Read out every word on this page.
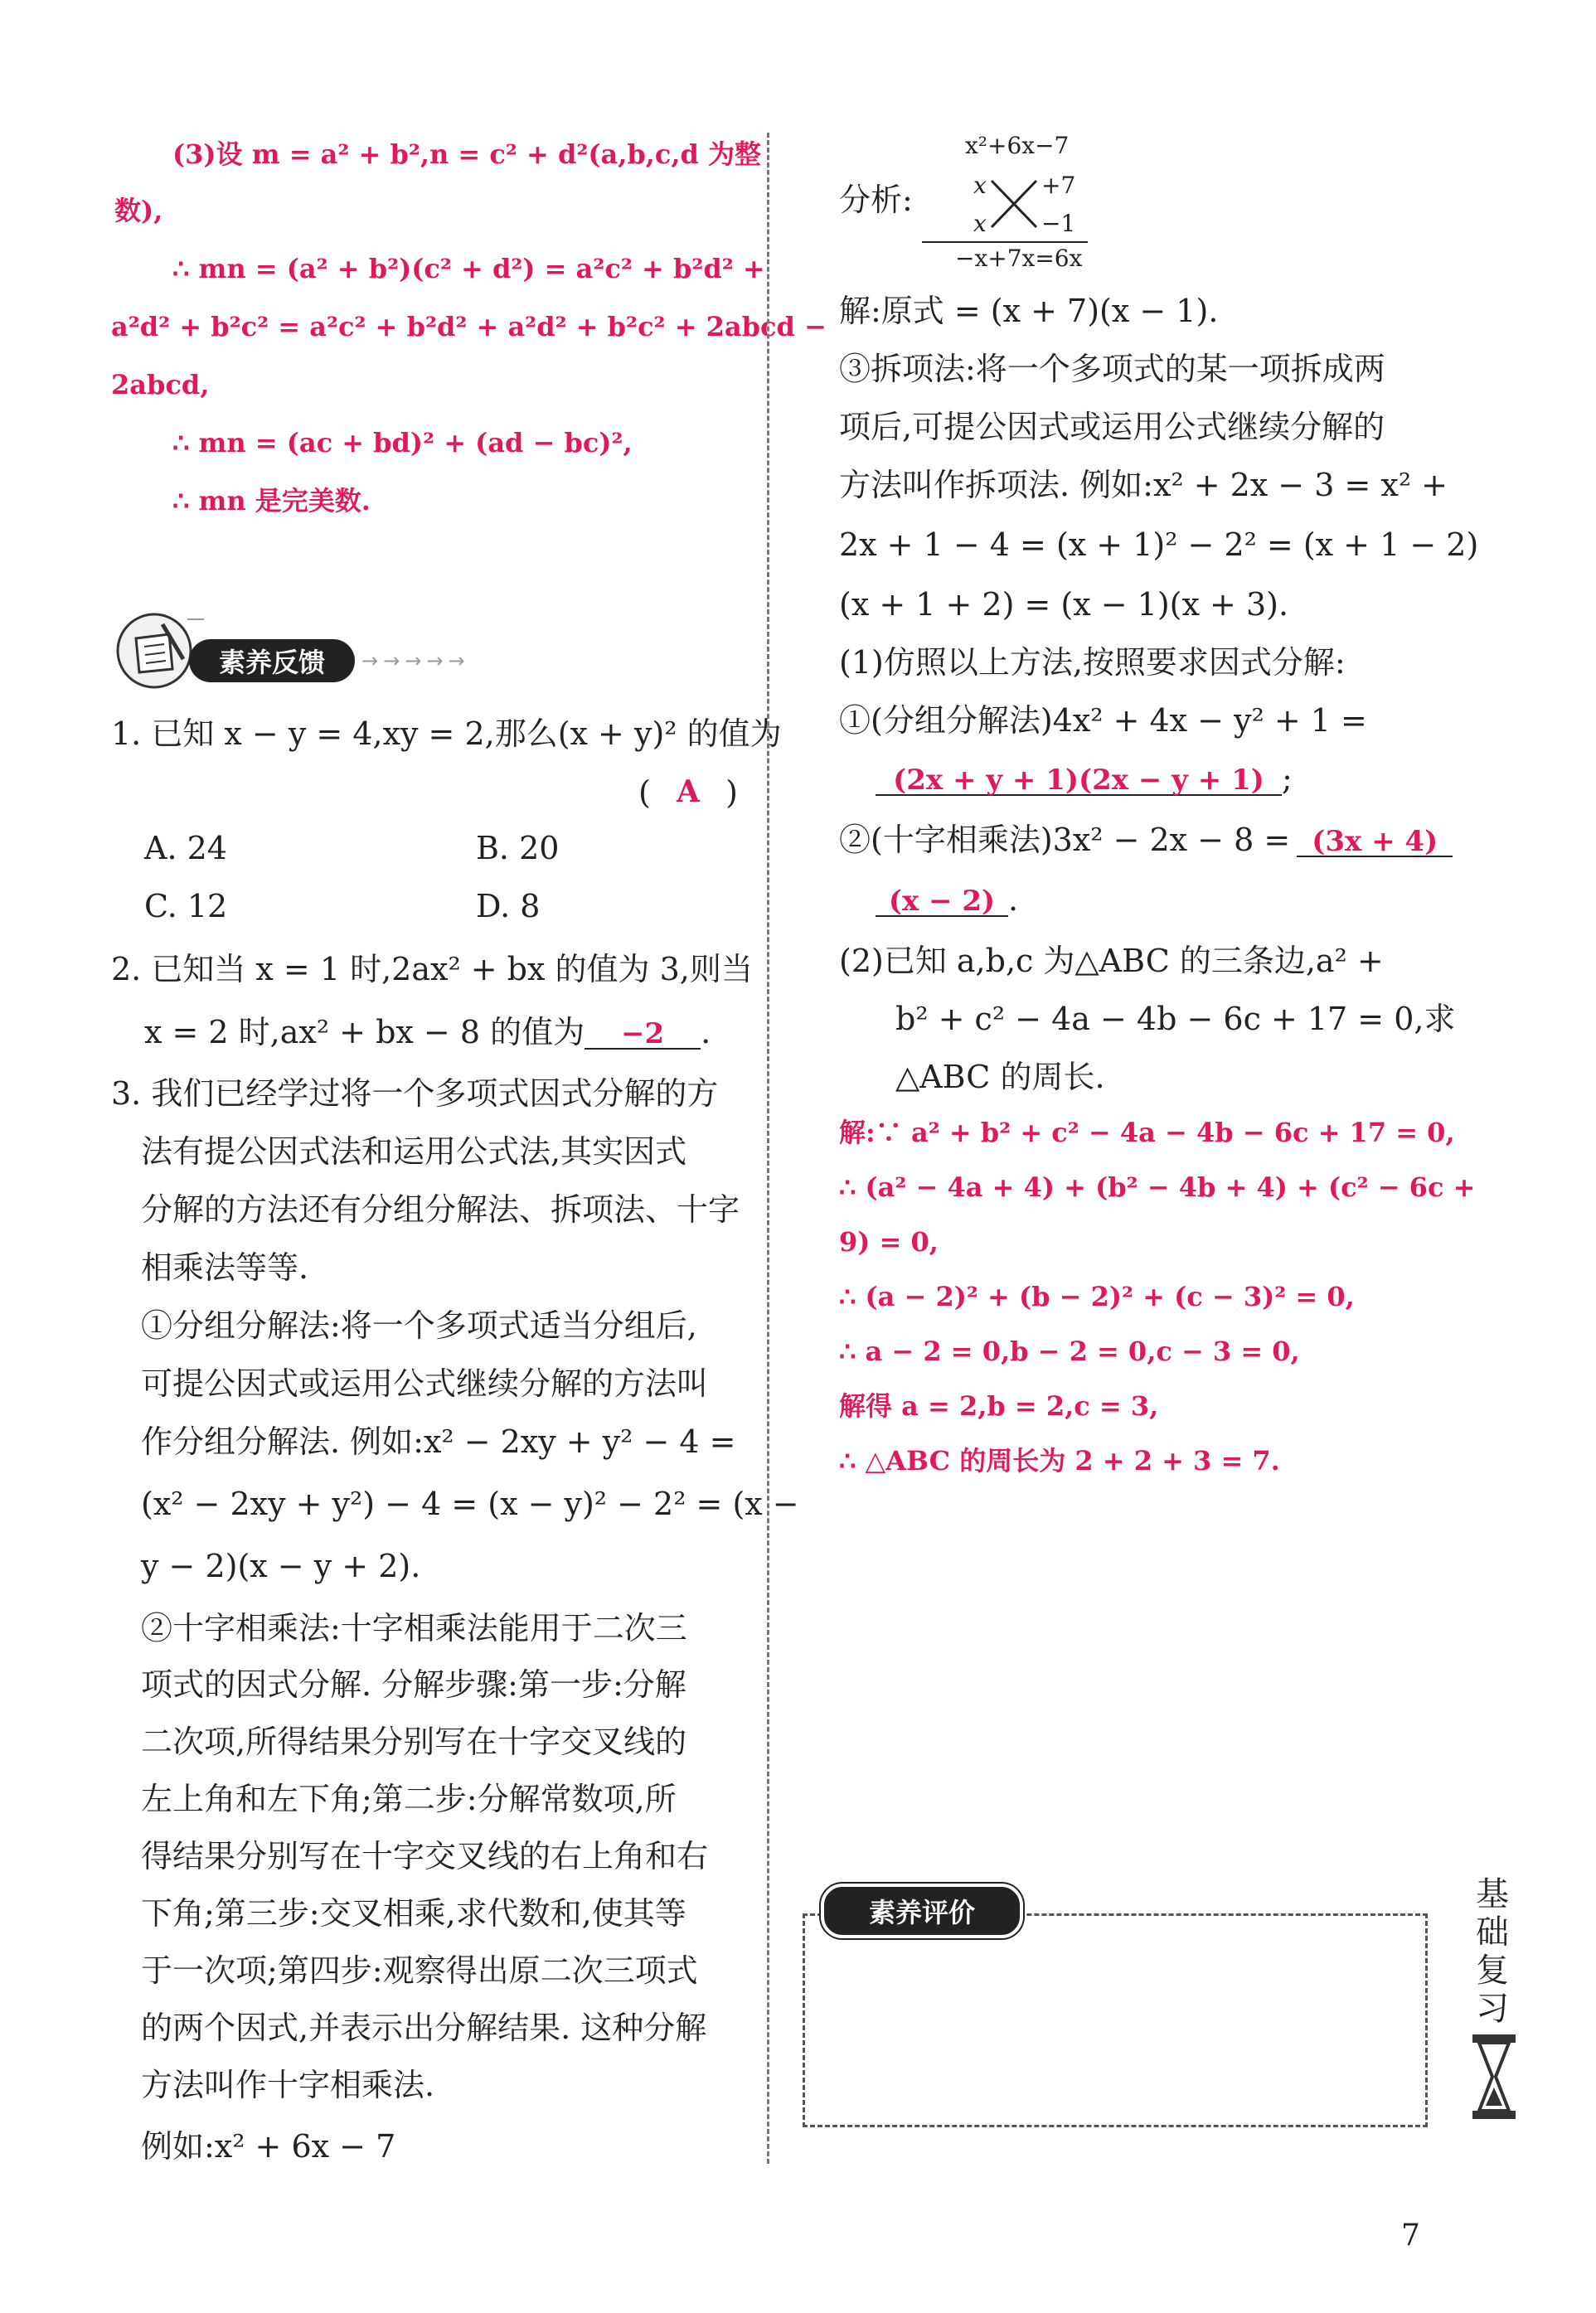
(3)设 m = a² + b²,n = c² + d²(a,b,c,d 为整
数),
∴ mn = (a² + b²)(c² + d²) = a²c² + b²d² +
a²d² + b²c² = a²c² + b²d² + a²d² + b²c² + 2abcd −
2abcd,
∴ mn = (ac + bd)² + (ad − bc)²,
∴ mn 是完美数.
素养反馈	→→→→→
1. 已知 x − y = 4,xy = 2,那么(x + y)² 的值为
( A )
A. 24	B. 20
C. 12	D. 8
2. 已知当 x = 1 时,2ax² + bx 的值为 3,则当
x = 2 时,ax² + bx − 8 的值为 −2 .
3. 我们已经学过将一个多项式因式分解的方
法有提公因式法和运用公式法,其实因式
分解的方法还有分组分解法、拆项法、十字
相乘法等等.
①分组分解法:将一个多项式适当分组后,
可提公因式或运用公式继续分解的方法叫
作分组分解法. 例如:x² − 2xy + y² − 4 =
(x² − 2xy + y²) − 4 = (x − y)² − 2² = (x −
y − 2)(x − y + 2).
②十字相乘法:十字相乘法能用于二次三
项式的因式分解. 分解步骤:第一步:分解
二次项,所得结果分别写在十字交叉线的
左上角和左下角;第二步:分解常数项,所
得结果分别写在十字交叉线的右上角和右
下角;第三步:交叉相乘,求代数和,使其等
于一次项;第四步:观察得出原二次三项式
的两个因式,并表示出分解结果. 这种分解
方法叫作十字相乘法.
例如:x² + 6x − 7
x²+6x−7
分析:	x +7
x −1
−x+7x=6x
解:原式 = (x + 7)(x − 1).
③拆项法:将一个多项式的某一项拆成两
项后,可提公因式或运用公式继续分解的
方法叫作拆项法. 例如:x² + 2x − 3 = x² +
2x + 1 − 4 = (x + 1)² − 2² = (x + 1 − 2)
(x + 1 + 2) = (x − 1)(x + 3).
(1)仿照以上方法,按照要求因式分解:
①(分组分解法)4x² + 4x − y² + 1 =
(2x + y + 1)(2x − y + 1) ;
②(十字相乘法)3x² − 2x − 8 = (3x + 4)
(x − 2) .
(2)已知 a,b,c 为△ABC 的三条边,a² +
b² + c² − 4a − 4b − 6c + 17 = 0,求
△ABC 的周长.
解:∵ a² + b² + c² − 4a − 4b − 6c + 17 = 0,
∴ (a² − 4a + 4) + (b² − 4b + 4) + (c² − 6c +
9) = 0,
∴ (a − 2)² + (b − 2)² + (c − 3)² = 0,
∴ a − 2 = 0,b − 2 = 0,c − 3 = 0,
解得 a = 2,b = 2,c = 3,
∴ △ABC 的周长为 2 + 2 + 3 = 7.
素养评价	基础复习
7
